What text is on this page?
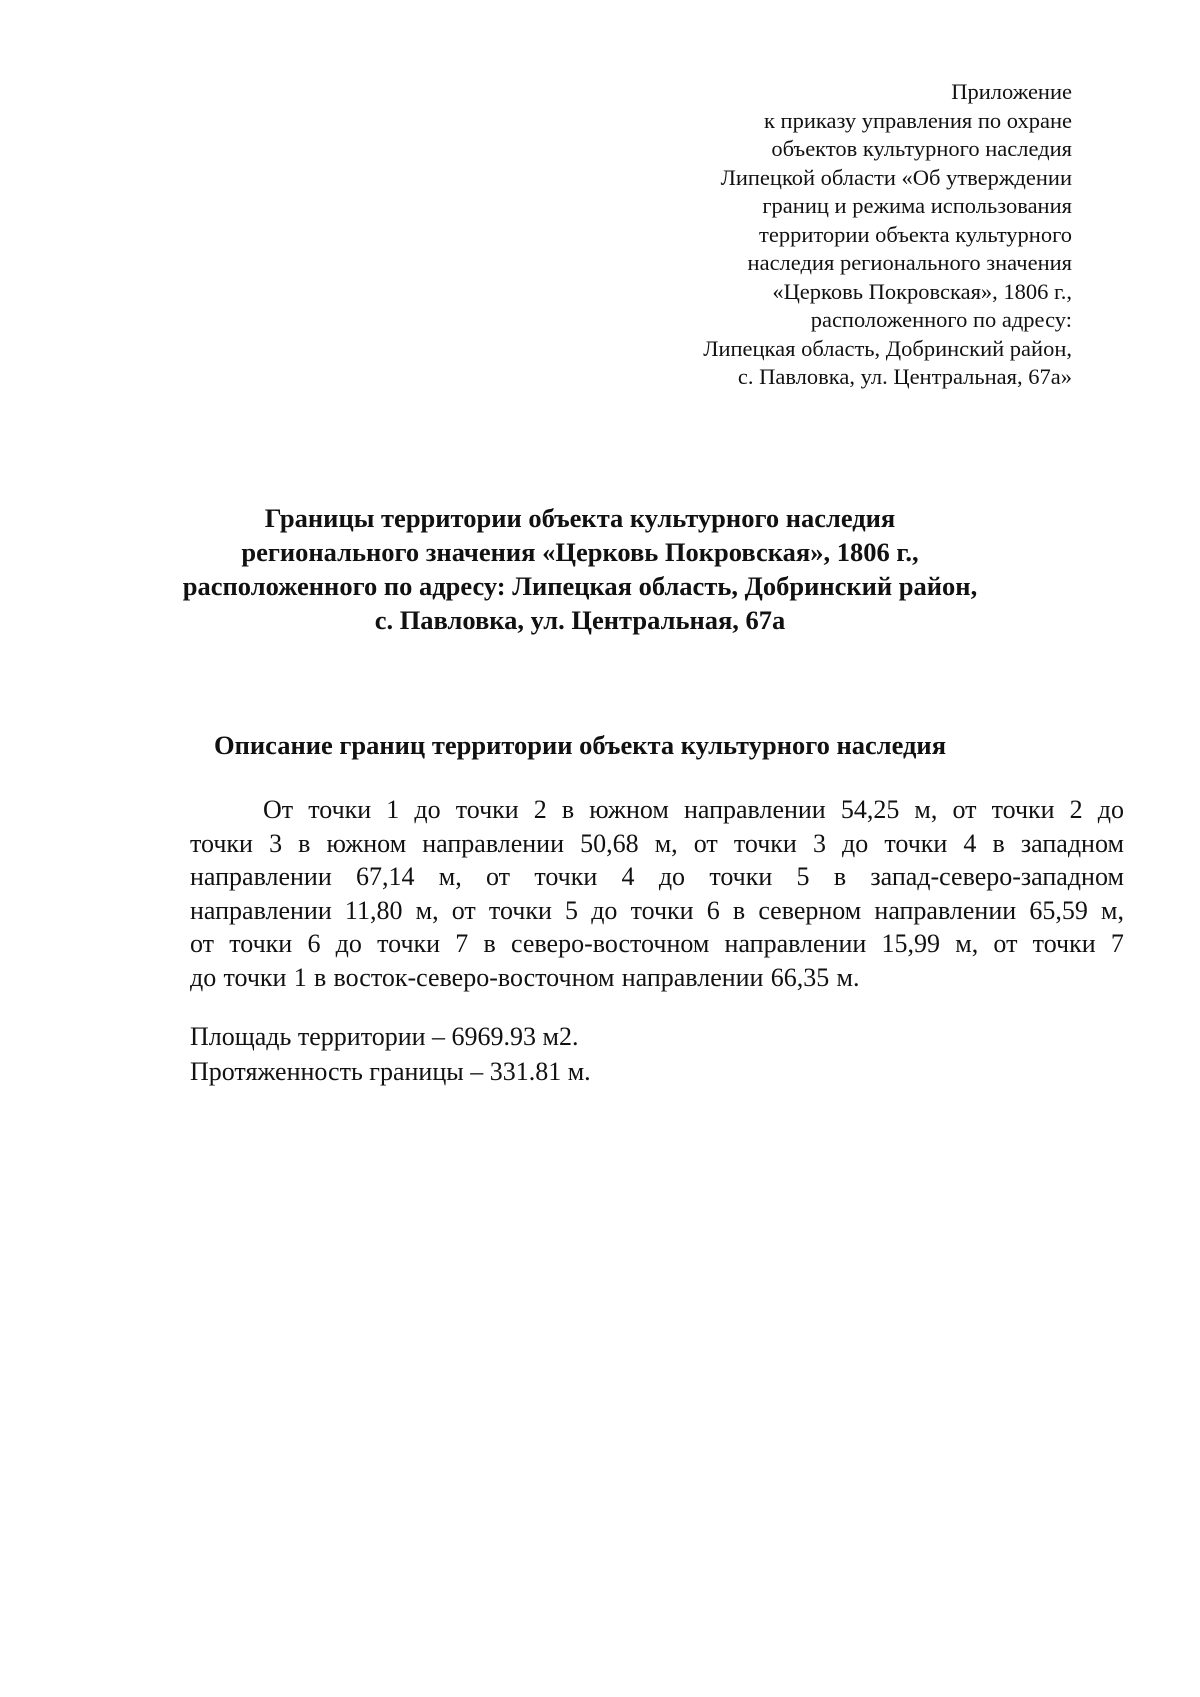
Приложение
к приказу управления по охране
объектов культурного наследия
Липецкой области «Об утверждении
границ и режима использования
территории объекта культурного
наследия регионального значения
«Церковь Покровская», 1806 г.,
расположенного по адресу:
Липецкая область, Добринский район,
с. Павловка, ул. Центральная, 67а»
Границы территории объекта культурного наследия
регионального значения «Церковь Покровская», 1806 г.,
расположенного по адресу: Липецкая область, Добринский район,
с. Павловка, ул. Центральная, 67а
Описание границ территории объекта культурного наследия
От точки 1 до точки 2 в южном направлении 54,25 м, от точки 2 до
точки 3 в южном направлении 50,68 м, от точки 3 до точки 4 в западном
направлении 67,14 м, от точки 4 до точки 5 в запад-северо-западном
направлении 11,80 м, от точки 5 до точки 6 в северном направлении 65,59 м,
от точки 6 до точки 7 в северо-восточном направлении 15,99 м, от точки 7
до точки 1 в восток-северо-восточном направлении 66,35 м.
Площадь территории – 6969.93 м2.
Протяженность границы – 331.81 м.
